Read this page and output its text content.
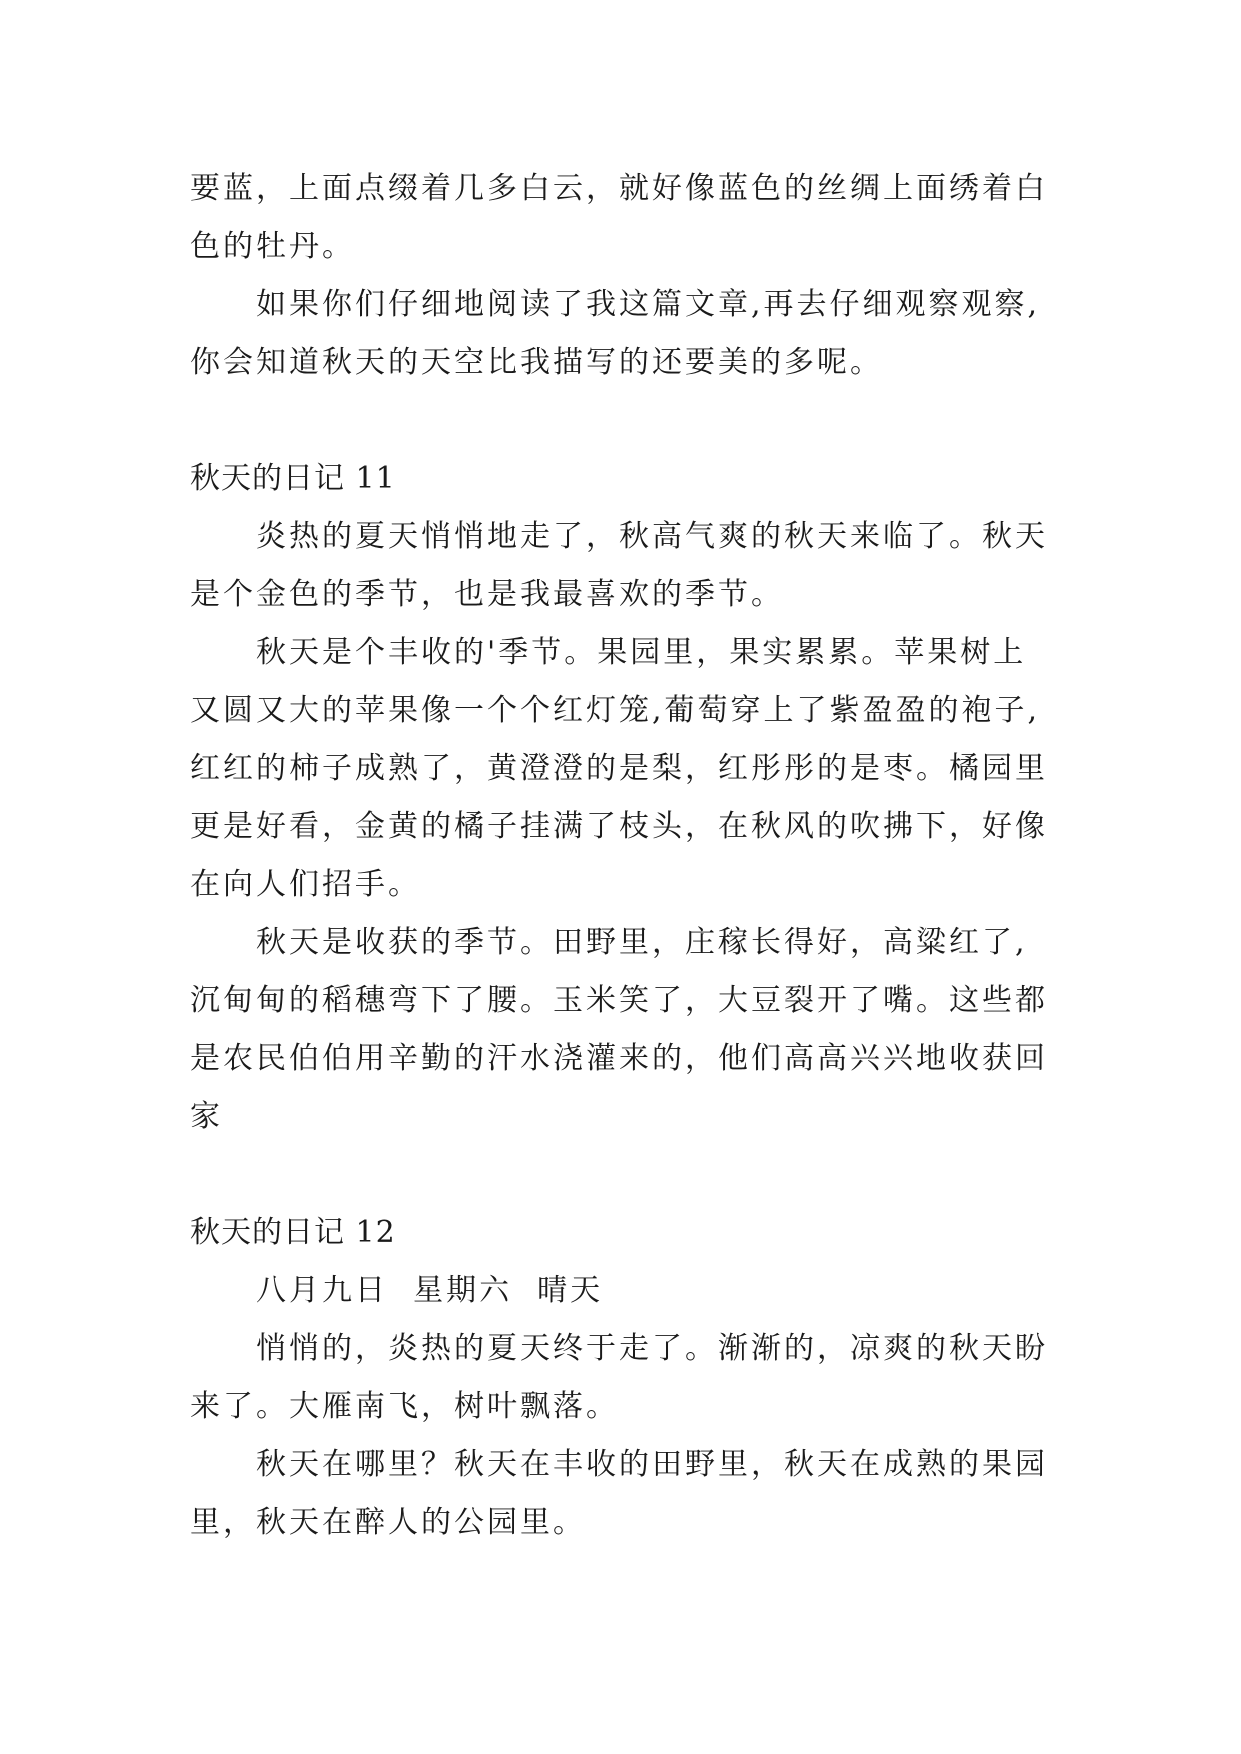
要蓝，上面点缀着几多白云，就好像蓝色的丝绸上面绣着白

色的牡丹。

如果你们仔细地阅读了我这篇文章,再去仔细观察观察,

你会知道秋天的天空比我描写的还要美的多呢。

秋天的日记 11

炎热的夏天悄悄地走了，秋高气爽的秋天来临了。秋天

是个金色的季节，也是我最喜欢的季节。

秋天是个丰收的'季节。果园里，果实累累。苹果树上

又圆又大的苹果像一个个红灯笼,葡萄穿上了紫盈盈的袍子,

红红的柿子成熟了，黄澄澄的是梨，红彤彤的是枣。橘园里

更是好看，金黄的橘子挂满了枝头，在秋风的吹拂下，好像

在向人们招手。

秋天是收获的季节。田野里，庄稼长得好，高粱红了,

沉甸甸的稻穗弯下了腰。玉米笑了，大豆裂开了嘴。这些都

是农民伯伯用辛勤的汗水浇灌来的，他们高高兴兴地收获回

家

秋天的日记 12

八月九日  星期六  晴天

悄悄的，炎热的夏天终于走了。渐渐的，凉爽的秋天盼

来了。大雁南飞，树叶飘落。

秋天在哪里？秋天在丰收的田野里，秋天在成熟的果园

里，秋天在醉人的公园里。
